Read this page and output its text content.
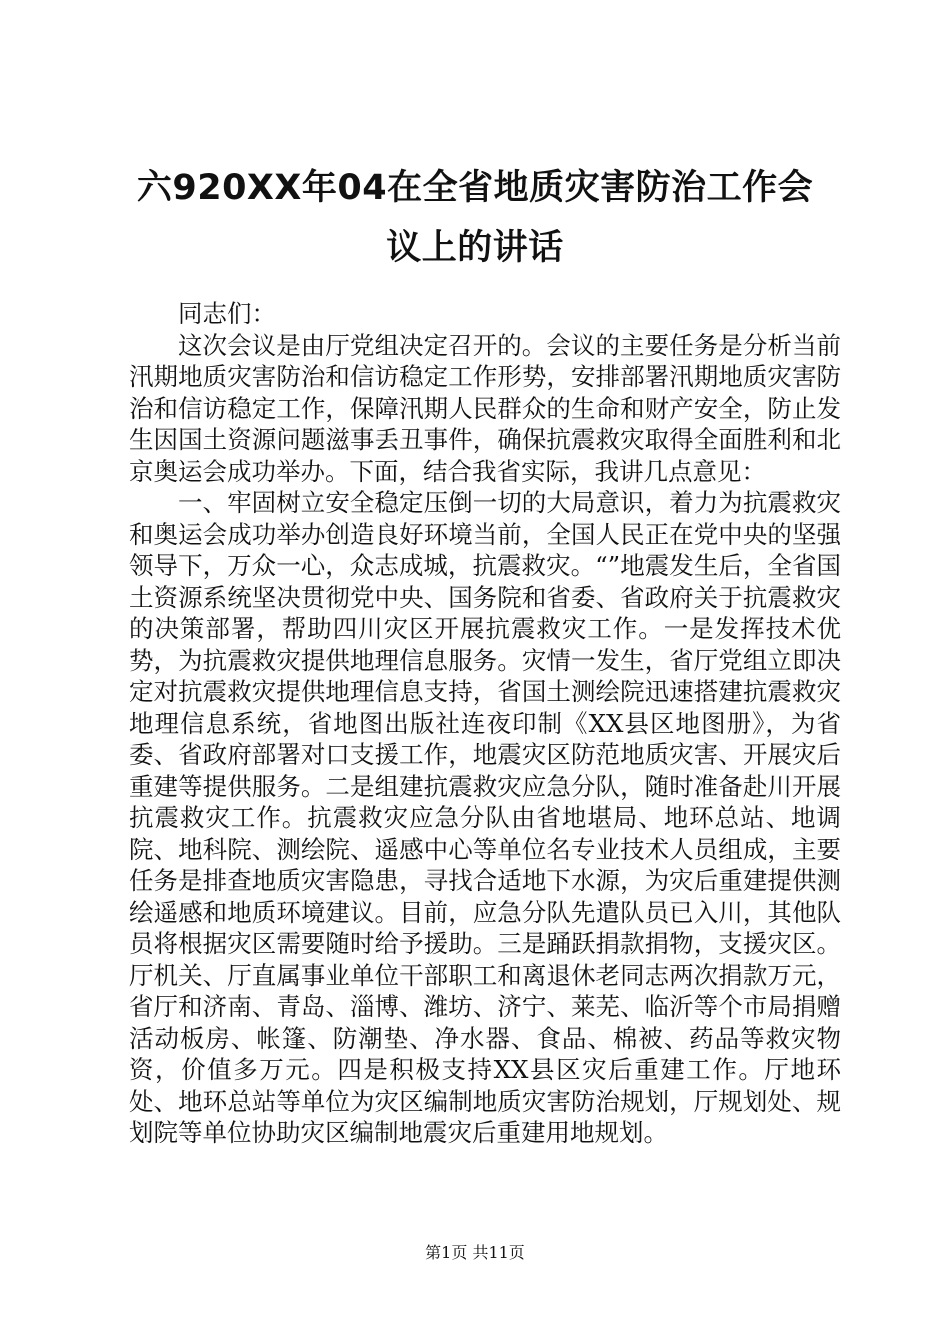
六920XX年04在全省地质灾害防治工作会议上的讲话

同志们：

这次会议是由厅党组决定召开的。会议的主要任务是分析当前汛期地质灾害防治和信访稳定工作形势，安排部署汛期地质灾害防治和信访稳定工作，保障汛期人民群众的生命和财产安全，防止发生因国土资源问题滋事丢丑事件，确保抗震救灾取得全面胜利和北京奥运会成功举办。下面，结合我省实际，我讲几点意见：

一、牢固树立安全稳定压倒一切的大局意识，着力为抗震救灾和奥运会成功举办创造良好环境当前，全国人民正在党中央的坚强领导下，万众一心，众志成城，抗震救灾。“”地震发生后，全省国土资源系统坚决贯彻党中央、国务院和省委、省政府关于抗震救灾的决策部署，帮助四川灾区开展抗震救灾工作。一是发挥技术优势，为抗震救灾提供地理信息服务。灾情一发生，省厅党组立即决定对抗震救灾提供地理信息支持，省国土测绘院迅速搭建抗震救灾地理信息系统，省地图出版社连夜印制《XX县区地图册》，为省委、省政府部署对口支援工作，地震灾区防范地质灾害、开展灾后重建等提供服务。二是组建抗震救灾应急分队，随时准备赴川开展抗震救灾工作。抗震救灾应急分队由省地堪局、地环总站、地调院、地科院、测绘院、遥感中心等单位名专业技术人员组成，主要任务是排查地质灾害隐患，寻找合适地下水源，为灾后重建提供测绘遥感和地质环境建议。目前，应急分队先遣队员已入川，其他队员将根据灾区需要随时给予援助。三是踊跃捐款捐物，支援灾区。厅机关、厅直属事业单位干部职工和离退休老同志两次捐款万元，省厅和济南、青岛、淄博、潍坊、济宁、莱芜、临沂等个市局捐赠活动板房、帐篷、防潮垫、净水器、食品、棉被、药品等救灾物资，价值多万元。四是积极支持XX县区灾后重建工作。厅地环处、地环总站等单位为灾区编制地质灾害防治规划，厅规划处、规划院等单位协助灾区编制地震灾后重建用地规划。

第1页 共11页
